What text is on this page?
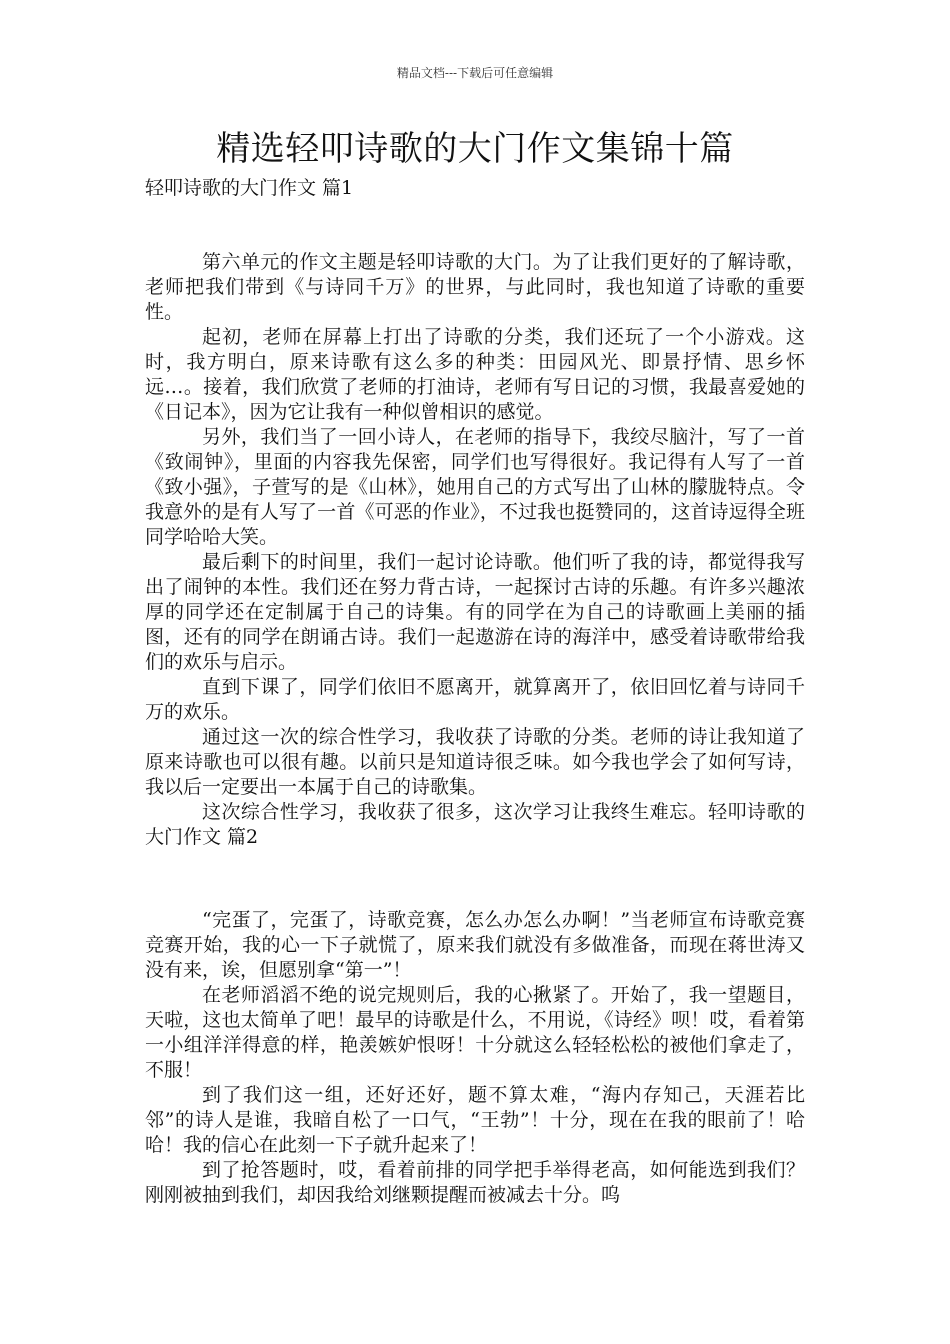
精品文档---下载后可任意编辑
精选轻叩诗歌的大门作文集锦十篇
轻叩诗歌的大门作文 篇1

第六单元的作文主题是轻叩诗歌的大门。为了让我们更好的了解诗歌，老师把我们带到《与诗同千万》的世界，与此同时，我也知道了诗歌的重要性。

起初，老师在屏幕上打出了诗歌的分类，我们还玩了一个小游戏。这时，我方明白，原来诗歌有这么多的种类：田园风光、即景抒情、思乡怀远…。接着，我们欣赏了老师的打油诗，老师有写日记的习惯，我最喜爱她的《日记本》，因为它让我有一种似曾相识的感觉。

另外，我们当了一回小诗人，在老师的指导下，我绞尽脑汁，写了一首《致闹钟》，里面的内容我先保密，同学们也写得很好。我记得有人写了一首《致小强》，子萱写的是《山林》，她用自己的方式写出了山林的朦胧特点。令我意外的是有人写了一首《可恶的作业》，不过我也挺赞同的，这首诗逗得全班同学哈哈大笑。

最后剩下的时间里，我们一起讨论诗歌。他们听了我的诗，都觉得我写出了闹钟的本性。我们还在努力背古诗，一起探讨古诗的乐趣。有许多兴趣浓厚的同学还在定制属于自己的诗集。有的同学在为自己的诗歌画上美丽的插图，还有的同学在朗诵古诗。我们一起遨游在诗的海洋中，感受着诗歌带给我们的欢乐与启示。

直到下课了，同学们依旧不愿离开，就算离开了，依旧回忆着与诗同千万的欢乐。

通过这一次的综合性学习，我收获了诗歌的分类。老师的诗让我知道了原来诗歌也可以很有趣。以前只是知道诗很乏味。如今我也学会了如何写诗，我以后一定要出一本属于自己的诗歌集。

这次综合性学习，我收获了很多，这次学习让我终生难忘。轻叩诗歌的大门作文 篇2

“完蛋了，完蛋了，诗歌竞赛，怎么办怎么办啊！”当老师宣布诗歌竞赛竞赛开始，我的心一下子就慌了，原来我们就没有多做准备，而现在蒋世涛又没有来，诶，但愿别拿“第一”！

在老师滔滔不绝的说完规则后，我的心揪紧了。开始了，我一望题目，天啦，这也太简单了吧！最早的诗歌是什么，不用说，《诗经》呗！哎，看着第一小组洋洋得意的样，艳羡嫉妒恨呀！十分就这么轻轻松松的被他们拿走了，不服！

到了我们这一组，还好还好，题不算太难，“海内存知己，天涯若比邻”的诗人是谁，我暗自松了一口气，“王勃”！十分，现在在我的眼前了！哈哈！我的信心在此刻一下子就升起来了！

到了抢答题时，哎，看着前排的同学把手举得老高，如何能选到我们？刚刚被抽到我们，却因我给刘继颗提醒而被减去十分。呜
